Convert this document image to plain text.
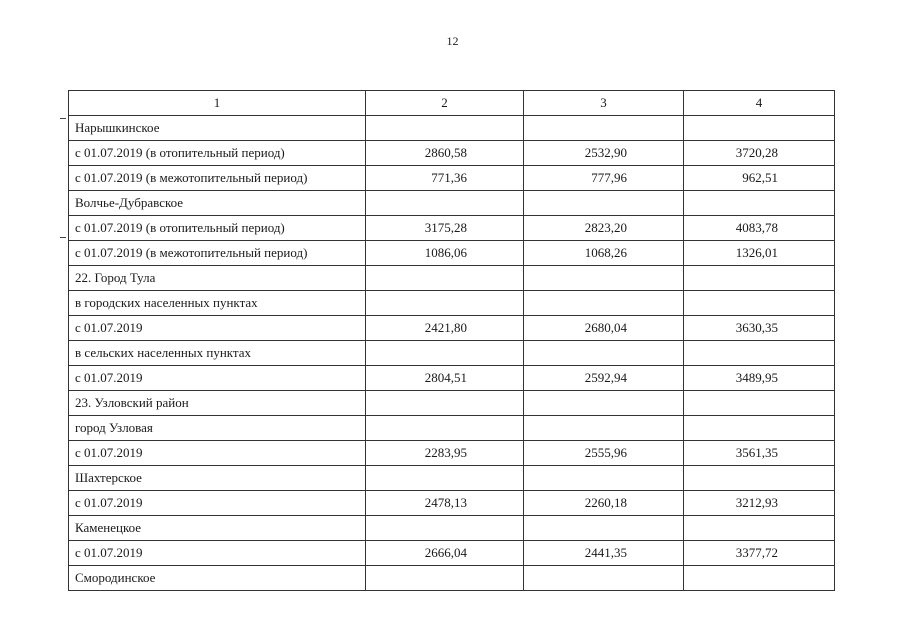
12
1	2	3	4
Нарышкинское			
с 01.07.2019 (в отопительный период)	2860,58	2532,90	3720,28
с 01.07.2019 (в межотопительный период)	771,36	777,96	962,51
Волчье-Дубравское			
с 01.07.2019 (в отопительный период)	3175,28	2823,20	4083,78
с 01.07.2019 (в межотопительный период)	1086,06	1068,26	1326,01
22. Город Тула			
в городских населенных пунктах			
с 01.07.2019	2421,80	2680,04	3630,35
в сельских населенных пунктах			
с 01.07.2019	2804,51	2592,94	3489,95
23. Узловский район			
город Узловая			
с 01.07.2019	2283,95	2555,96	3561,35
Шахтерское			
с 01.07.2019	2478,13	2260,18	3212,93
Каменецкое			
с 01.07.2019	2666,04	2441,35	3377,72
Смородинское			
